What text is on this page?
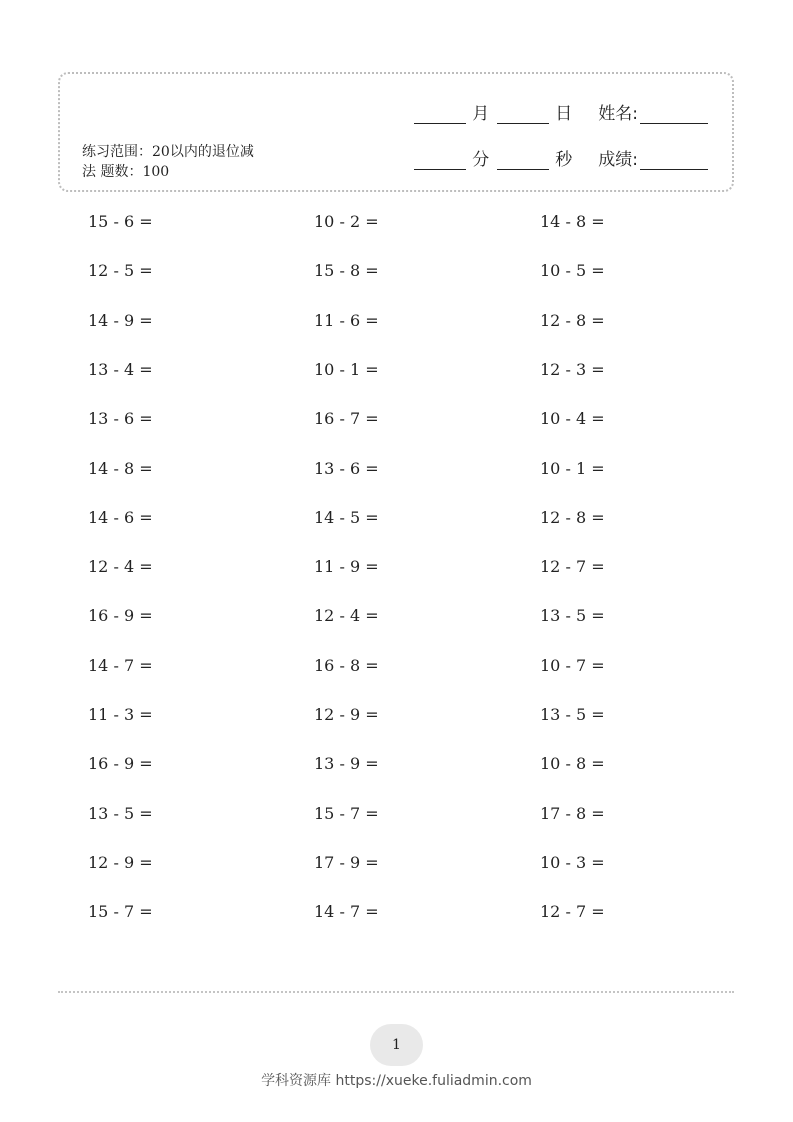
月	日 姓名:
分	秒 成绩:
练习范围：20以内的退位减
法 题数：100
15 - 6 =	10 - 2 =	14 - 8 =
12 - 5 =	15 - 8 =	10 - 5 =
14 - 9 =	11 - 6 =	12 - 8 =
13 - 4 =	10 - 1 =	12 - 3 =
13 - 6 =	16 - 7 =	10 - 4 =
14 - 8 =	13 - 6 =	10 - 1 =
14 - 6 =	14 - 5 =	12 - 8 =
12 - 4 =	11 - 9 =	12 - 7 =
16 - 9 =	12 - 4 =	13 - 5 =
14 - 7 =	16 - 8 =	10 - 7 =
11 - 3 =	12 - 9 =	13 - 5 =
16 - 9 =	13 - 9 =	10 - 8 =
13 - 5 =	15 - 7 =	17 - 8 =
12 - 9 =	17 - 9 =	10 - 3 =
15 - 7 =	14 - 7 =	12 - 7 =
1
学科资源库 https://xueke.fuliadmin.com
